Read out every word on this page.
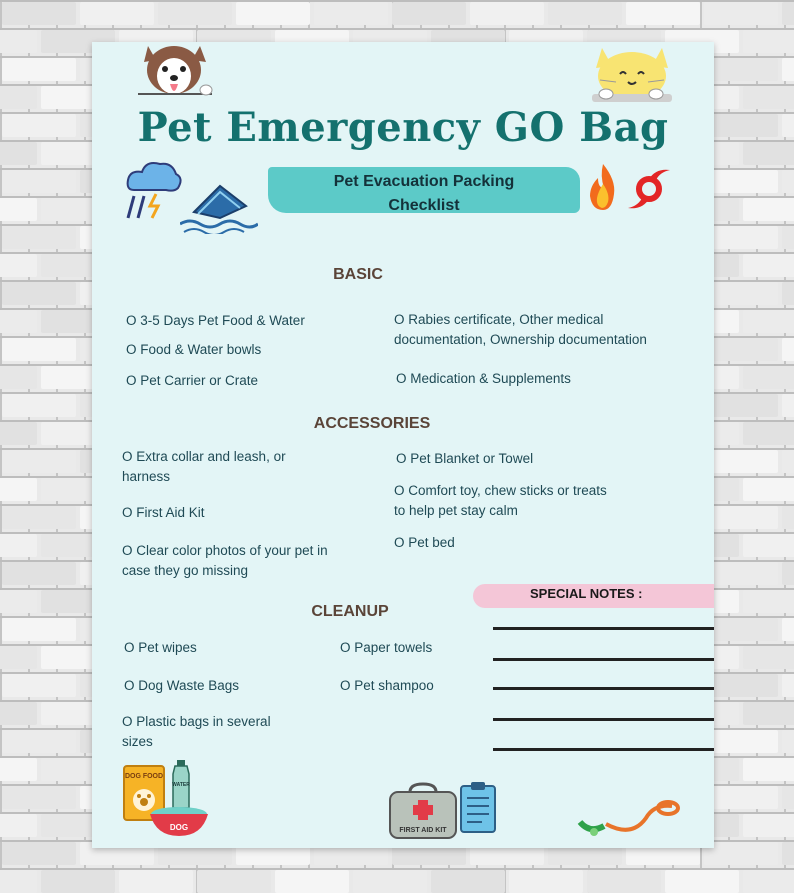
Pet Emergency GO Bag
Pet Evacuation Packing
Checklist
BASIC
O 3-5 Days Pet Food & Water
O Food & Water bowls
O Pet Carrier or Crate
O Rabies certificate, Other medical
documentation, Ownership documentation
O Medication & Supplements
ACCESSORIES
O Extra collar and leash, or
harness
O First Aid Kit
O Clear color photos of your pet in
case they go missing
O Pet Blanket or Towel
O Comfort toy, chew sticks or treats
to help pet stay calm
O Pet bed
CLEANUP
O Pet wipes
O Dog Waste Bags
O Plastic bags in several
sizes
O Paper towels
O Pet shampoo
SPECIAL NOTES :
DOG FOOD
WATER
DOG	FIRST AID KIT
